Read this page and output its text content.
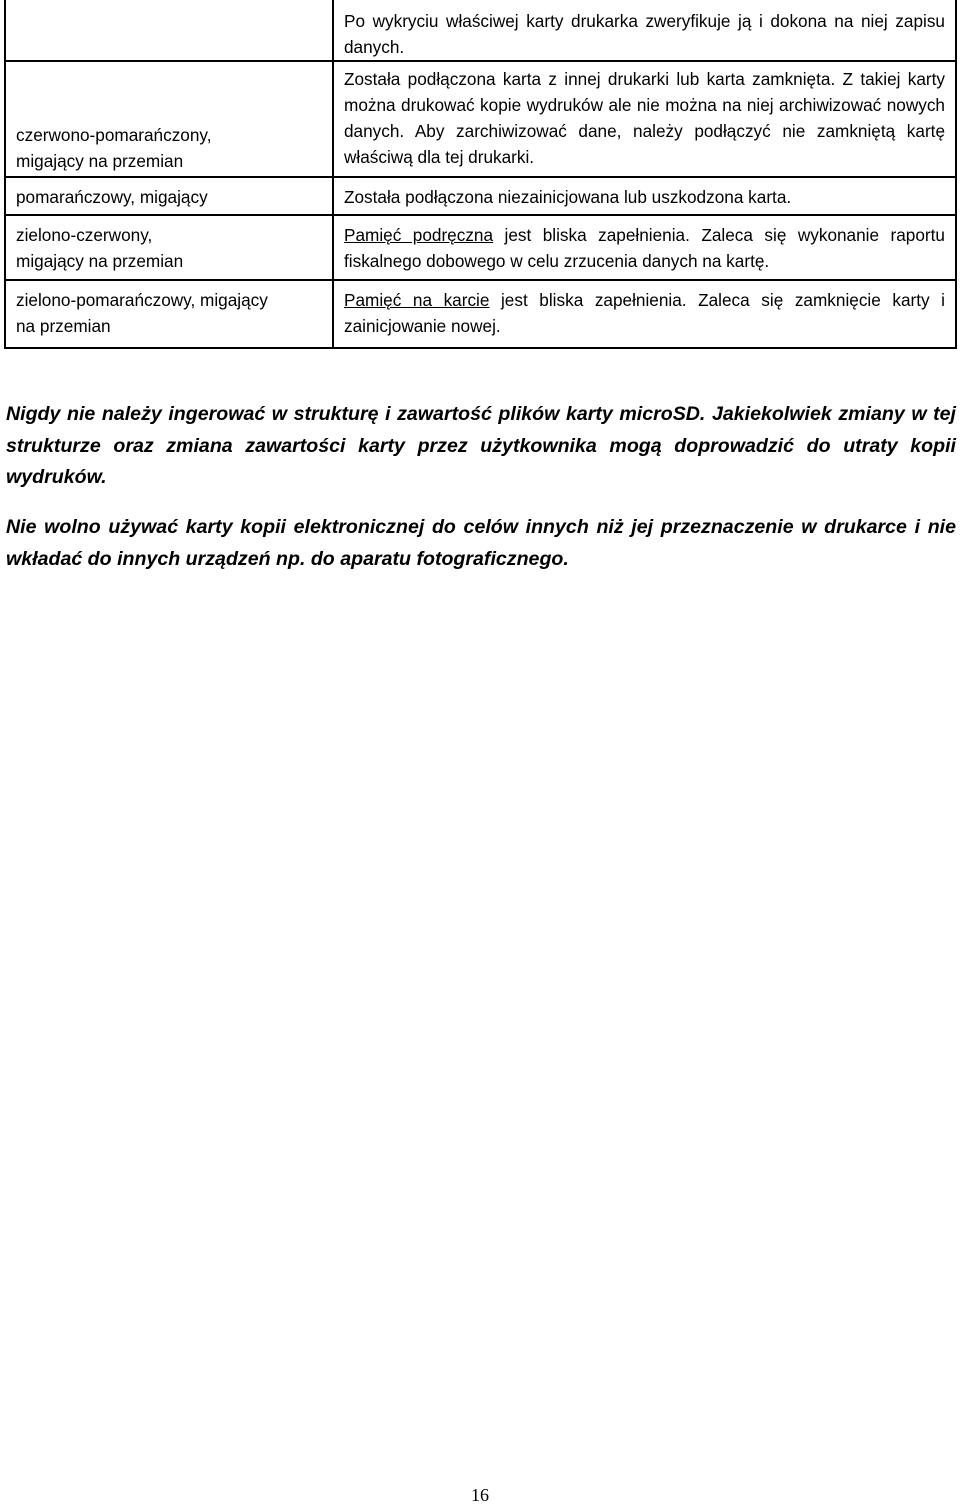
	Po wykryciu właściwej karty drukarka zweryfikuje ją i dokona na niej zapisu danych.
czerwono-pomarańczony, migający na przemian	Została podłączona karta z innej drukarki lub karta zamknięta. Z takiej karty można drukować kopie wydruków ale nie można na niej archiwizować nowych danych. Aby zarchiwizować dane, należy podłączyć nie zamkniętą kartę właściwą dla tej drukarki.
pomarańczowy, migający	Została podłączona niezainicjowana lub uszkodzona karta.
zielono-czerwony, migający na przemian	Pamięć podręczna jest bliska zapełnienia. Zaleca się wykonanie raportu fiskalnego dobowego w celu zrzucenia danych na kartę.
zielono-pomarańczowy, migający na przemian	Pamięć na karcie jest bliska zapełnienia. Zaleca się zamknięcie karty i zainicjowanie nowej.

Nigdy nie należy ingerować w strukturę i zawartość plików karty microSD. Jakiekolwiek zmiany w tej strukturze oraz zmiana zawartości karty przez użytkownika mogą doprowadzić do utraty kopii wydruków.

Nie wolno używać karty kopii elektronicznej do celów innych niż jej przeznaczenie w drukarce i nie wkładać do innych urządzeń np. do aparatu fotograficznego.

16
